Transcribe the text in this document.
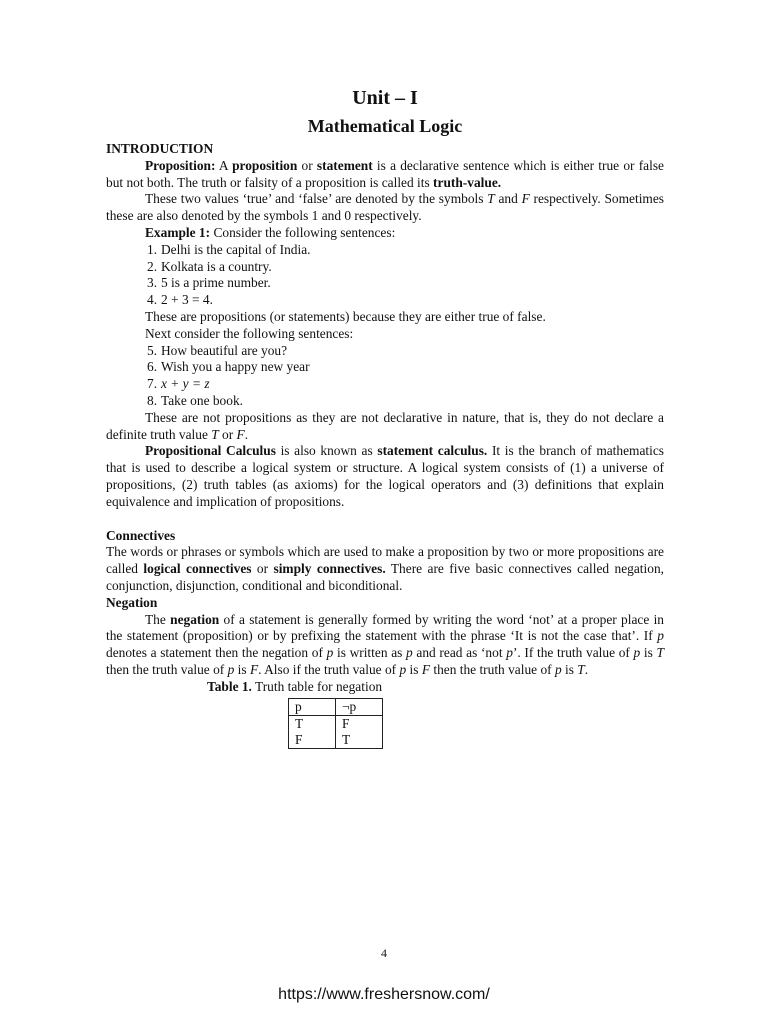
Unit – I

Mathematical Logic

INTRODUCTION

Proposition: A proposition or statement is a declarative sentence which is either true or false but not both. The truth or falsity of a proposition is called its truth-value.

These two values ‘true’ and ‘false’ are denoted by the symbols T and F respectively. Sometimes these are also denoted by the symbols 1 and 0 respectively.

Example 1: Consider the following sentences:

1. Delhi is the capital of India.
2. Kolkata is a country.
3. 5 is a prime number.
4. 2 + 3 = 4.

These are propositions (or statements) because they are either true of false.

Next consider the following sentences:

5. How beautiful are you?
6. Wish you a happy new year
7. x + y = z
8. Take one book.

These are not propositions as they are not declarative in nature, that is, they do not declare a definite truth value T or F.

Propositional Calculus is also known as statement calculus. It is the branch of mathematics that is used to describe a logical system or structure. A logical system consists of (1) a universe of propositions, (2) truth tables (as axioms) for the logical operators and (3) definitions that explain equivalence and implication of propositions.

Connectives

The words or phrases or symbols which are used to make a proposition by two or more propositions are called logical connectives or simply connectives. There are five basic connectives called negation, conjunction, disjunction, conditional and biconditional.

Negation

The negation of a statement is generally formed by writing the word ‘not’ at a proper place in the statement (proposition) or by prefixing the statement with the phrase ‘It is not the case that’. If p denotes a statement then the negation of p is written as p and read as ‘not p’. If the truth value of p is T then the truth value of p is F. Also if the truth value of p is F then the truth value of p is T.

Table 1. Truth table for negation

p	¬p
T	F
F	T
4
https://www.freshersnow.com/
